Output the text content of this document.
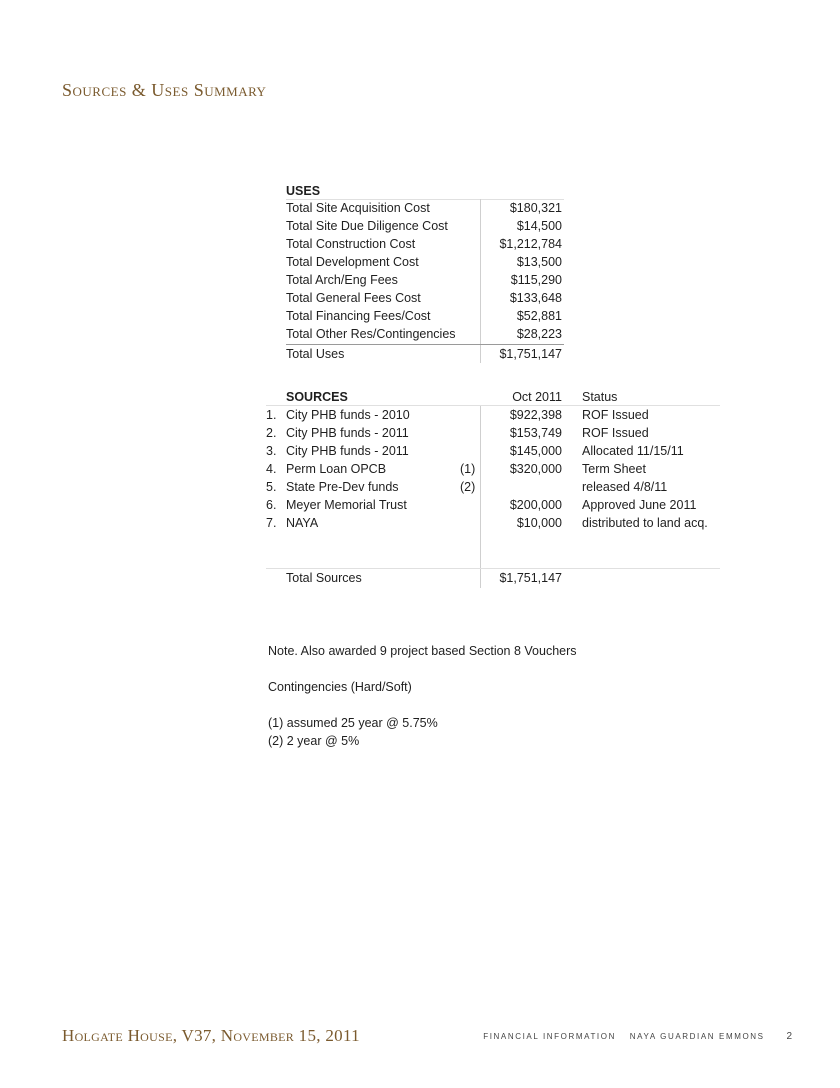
Sources & Uses Summary
USES
Total Site Acquisition Cost	$180,321
Total Site Due Diligence Cost	$14,500
Total Construction Cost	$1,212,784
Total Development Cost	$13,500
Total Arch/Eng Fees	$115,290
Total General Fees Cost	$133,648
Total Financing Fees/Cost	$52,881
Total Other Res/Contingencies	$28,223
Total Uses	$1,751,147
SOURCES	Oct 2011 Status
1. City PHB funds - 2010	$922,398 ROF Issued
2. City PHB funds - 2011	$153,749 ROF Issued
3. City PHB funds - 2011	$145,000 Allocated 11/15/11
4. Perm Loan OPCB	(1)	$320,000 Term Sheet
5. State Pre-Dev funds	(2)	released 4/8/11
6. Meyer Memorial Trust	$200,000 Approved June 2011
7. NAYA	$10,000 distributed to land acq.
Total Sources	$1,751,147

Note. Also awarded 9 project based Section 8 Vouchers

Contingencies (Hard/Soft)

(1) assumed 25 year @ 5.75%

(2) 2 year @ 5%

Holgate House, V37, November 15, 2011	FINANCIAL INFORMATION NAYA GUARDIAN EMMONS 2
